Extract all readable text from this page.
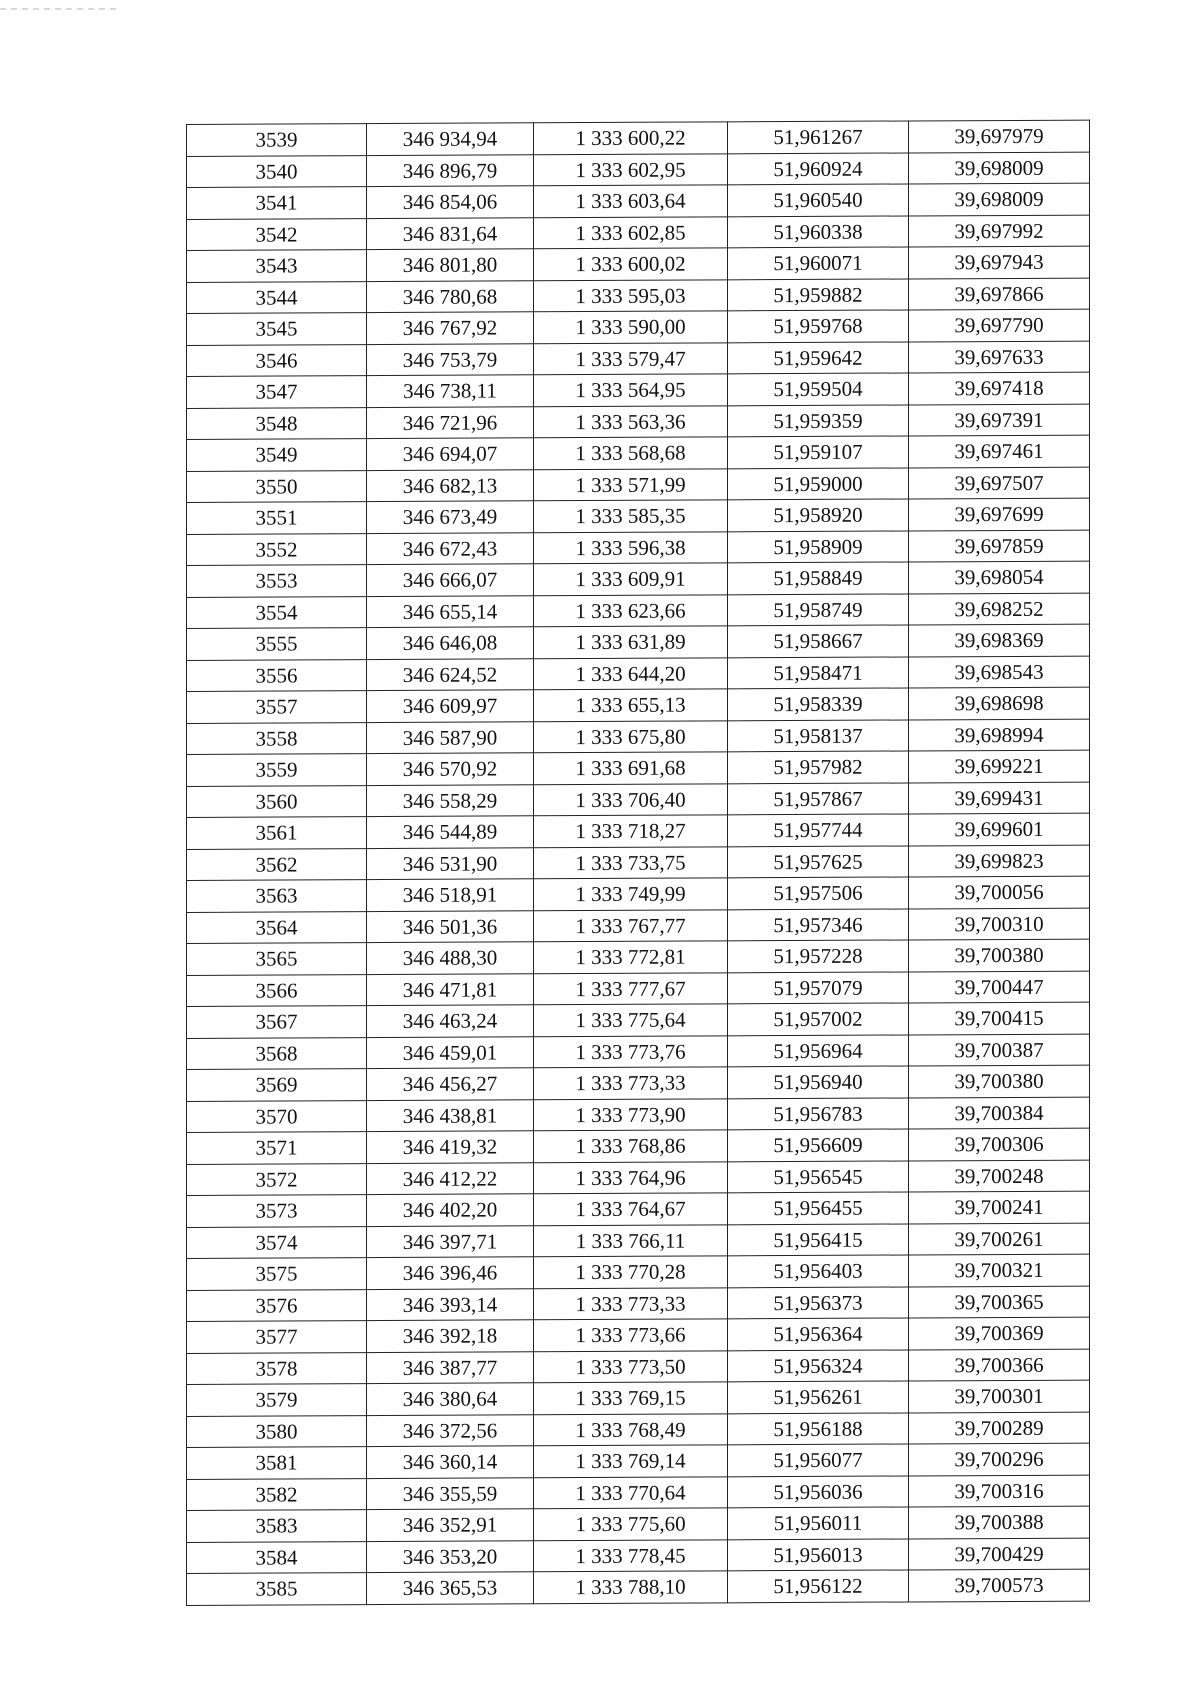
3539	346 934,94	1 333 600,22	51,961267	39,697979
3540	346 896,79	1 333 602,95	51,960924	39,698009
3541	346 854,06	1 333 603,64	51,960540	39,698009
3542	346 831,64	1 333 602,85	51,960338	39,697992
3543	346 801,80	1 333 600,02	51,960071	39,697943
3544	346 780,68	1 333 595,03	51,959882	39,697866
3545	346 767,92	1 333 590,00	51,959768	39,697790
3546	346 753,79	1 333 579,47	51,959642	39,697633
3547	346 738,11	1 333 564,95	51,959504	39,697418
3548	346 721,96	1 333 563,36	51,959359	39,697391
3549	346 694,07	1 333 568,68	51,959107	39,697461
3550	346 682,13	1 333 571,99	51,959000	39,697507
3551	346 673,49	1 333 585,35	51,958920	39,697699
3552	346 672,43	1 333 596,38	51,958909	39,697859
3553	346 666,07	1 333 609,91	51,958849	39,698054
3554	346 655,14	1 333 623,66	51,958749	39,698252
3555	346 646,08	1 333 631,89	51,958667	39,698369
3556	346 624,52	1 333 644,20	51,958471	39,698543
3557	346 609,97	1 333 655,13	51,958339	39,698698
3558	346 587,90	1 333 675,80	51,958137	39,698994
3559	346 570,92	1 333 691,68	51,957982	39,699221
3560	346 558,29	1 333 706,40	51,957867	39,699431
3561	346 544,89	1 333 718,27	51,957744	39,699601
3562	346 531,90	1 333 733,75	51,957625	39,699823
3563	346 518,91	1 333 749,99	51,957506	39,700056
3564	346 501,36	1 333 767,77	51,957346	39,700310
3565	346 488,30	1 333 772,81	51,957228	39,700380
3566	346 471,81	1 333 777,67	51,957079	39,700447
3567	346 463,24	1 333 775,64	51,957002	39,700415
3568	346 459,01	1 333 773,76	51,956964	39,700387
3569	346 456,27	1 333 773,33	51,956940	39,700380
3570	346 438,81	1 333 773,90	51,956783	39,700384
3571	346 419,32	1 333 768,86	51,956609	39,700306
3572	346 412,22	1 333 764,96	51,956545	39,700248
3573	346 402,20	1 333 764,67	51,956455	39,700241
3574	346 397,71	1 333 766,11	51,956415	39,700261
3575	346 396,46	1 333 770,28	51,956403	39,700321
3576	346 393,14	1 333 773,33	51,956373	39,700365
3577	346 392,18	1 333 773,66	51,956364	39,700369
3578	346 387,77	1 333 773,50	51,956324	39,700366
3579	346 380,64	1 333 769,15	51,956261	39,700301
3580	346 372,56	1 333 768,49	51,956188	39,700289
3581	346 360,14	1 333 769,14	51,956077	39,700296
3582	346 355,59	1 333 770,64	51,956036	39,700316
3583	346 352,91	1 333 775,60	51,956011	39,700388
3584	346 353,20	1 333 778,45	51,956013	39,700429
3585	346 365,53	1 333 788,10	51,956122	39,700573
